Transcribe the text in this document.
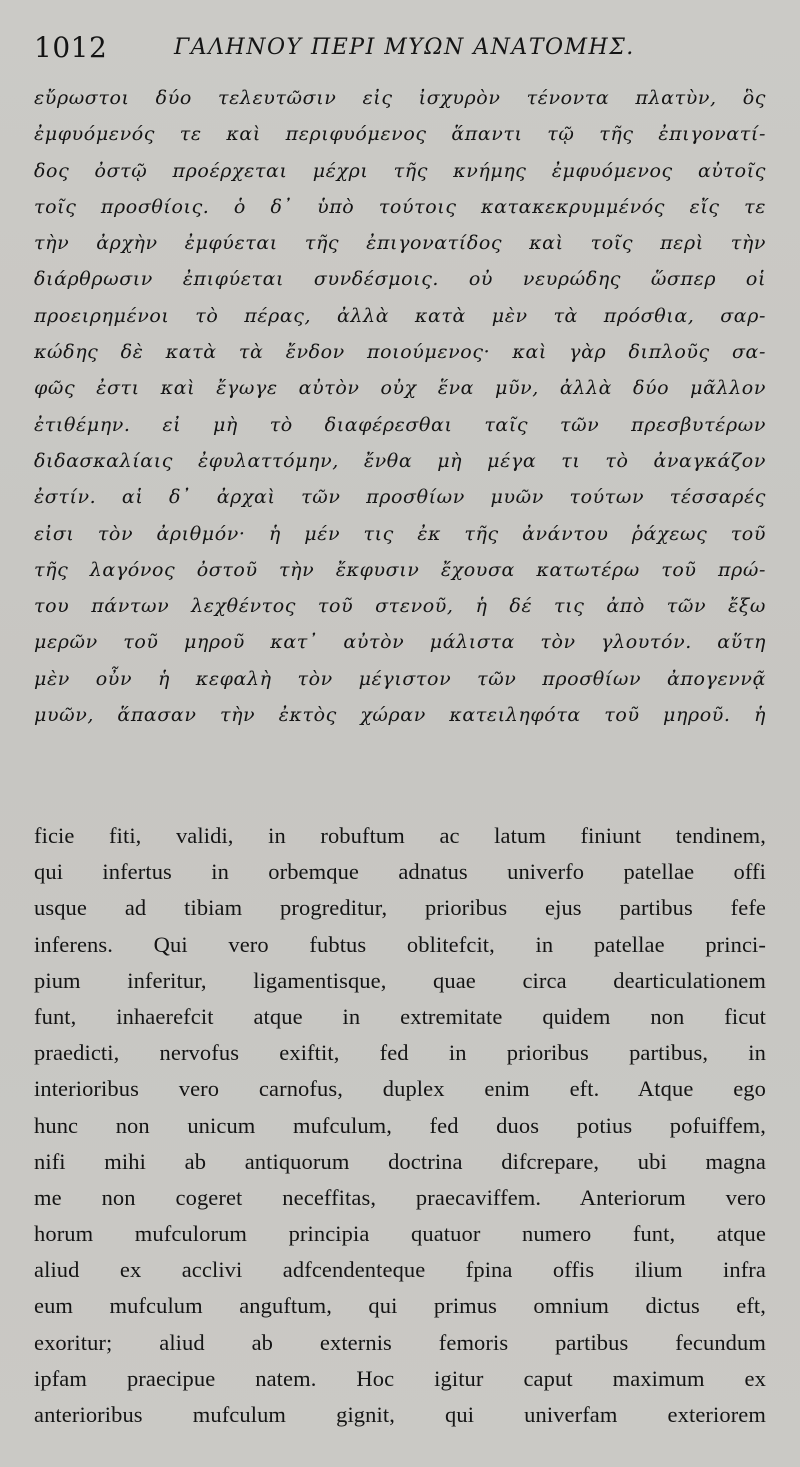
1012	ΓΑΛΗΝΟΥ ΠΕΡΙ ΜΥΩΝ ΑΝΑΤΟΜΗΣ.
εὔρωστοι δύο τελευτῶσιν εἰς ἰσχυρὸν τένοντα πλατὺν, ὃς
ἐμφυόμενός τε καὶ περιφυόμενος ἅπαντι τῷ τῆς ἐπιγονατί-
δος ὀστῷ προέρχεται μέχρι τῆς κνήμης ἐμφυόμενος αὐτοῖς
τοῖς προσθίοις. ὁ δ᾽ ὑπὸ τούτοις κατακεκρυμμένός εἴς τε
τὴν ἀρχὴν ἐμφύεται τῆς ἐπιγονατίδος καὶ τοῖς περὶ τὴν
διάρθρωσιν ἐπιφύεται συνδέσμοις. οὐ νευρώδης ὥσπερ οἱ
προειρημένοι τὸ πέρας, ἀλλὰ κατὰ μὲν τὰ πρόσθια, σαρ-
κώδης δὲ κατὰ τὰ ἔνδον ποιούμενος· καὶ γὰρ διπλοῦς σα-
φῶς ἐστι καὶ ἔγωγε αὐτὸν οὐχ ἕνα μῦν, ἀλλὰ δύο μᾶλλον
ἐτιθέμην. εἰ μὴ τὸ διαφέρεσθαι ταῖς τῶν πρεσβυτέρων
διδασκαλίαις ἐφυλαττόμην, ἔνθα μὴ μέγα τι τὸ ἀναγκάζον
ἐστίν. αἱ δ᾽ ἀρχαὶ τῶν προσθίων μυῶν τούτων τέσσαρές
εἰσι τὸν ἀριθμόν· ἡ μέν τις ἐκ τῆς ἀνάντου ῥάχεως τοῦ
τῆς λαγόνος ὀστοῦ τὴν ἔκφυσιν ἔχουσα κατωτέρω τοῦ πρώ-
του πάντων λεχθέντος τοῦ στενοῦ, ἡ δέ τις ἀπὸ τῶν ἔξω
μερῶν τοῦ μηροῦ κατ᾽ αὐτὸν μάλιστα τὸν γλουτόν. αὕτη
μὲν οὖν ἡ κεφαλὴ τὸν μέγιστον τῶν προσθίων ἀπογεννᾷ
μυῶν, ἅπασαν τὴν ἐκτὸς χώραν κατειληφότα τοῦ μηροῦ. ἡ
ficie fiti, validi, in robuftum ac latum finiunt tendinem,
qui infertus in orbemque adnatus univerfo patellae offi
usque ad tibiam progreditur, prioribus ejus partibus fefe
inferens. Qui vero fubtus oblitefcit, in patellae princi-
pium inferitur, ligamentisque, quae circa dearticulationem
funt, inhaerefcit atque in extremitate quidem non ficut
praedicti, nervofus exiftit, fed in prioribus partibus, in
interioribus vero carnofus, duplex enim eft. Atque ego
hunc non unicum mufculum, fed duos potius pofuiffem,
nifi mihi ab antiquorum doctrina difcrepare, ubi magna
me non cogeret neceffitas, praecaviffem. Anteriorum vero
horum mufculorum principia quatuor numero funt, atque
aliud ex acclivi adfcendenteque fpina offis ilium infra
eum mufculum anguftum, qui primus omnium dictus eft,
exoritur; aliud ab externis femoris partibus fecundum
ipfam praecipue natem. Hoc igitur caput maximum ex
anterioribus mufculum gignit, qui univerfam exteriorem
